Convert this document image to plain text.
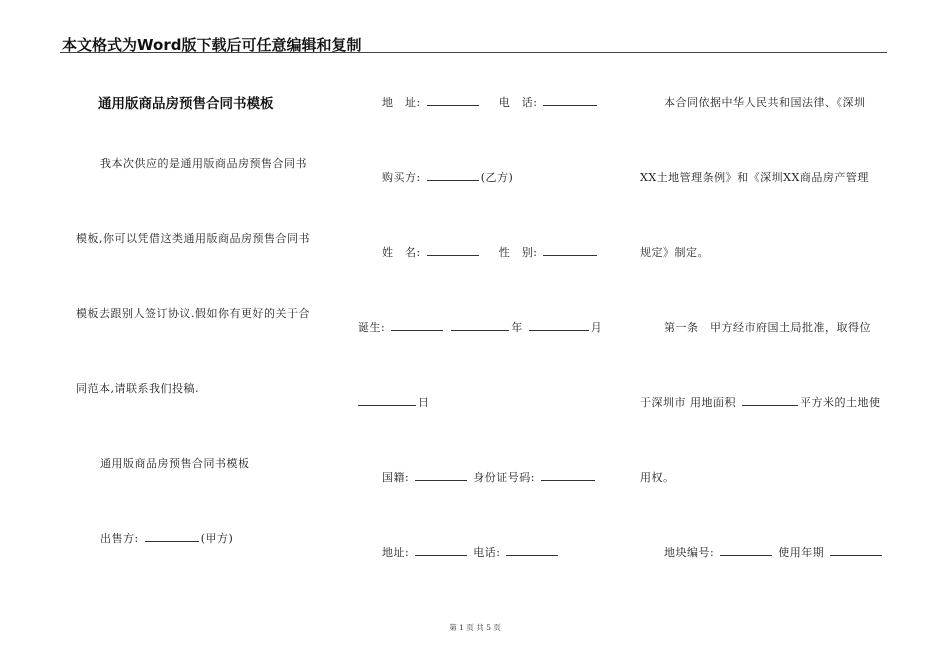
本文格式为Word版下载后可任意编辑和复制
通用版商品房预售合同书模板
我本次供应的是通用版商品房预售合同书
模板,你可以凭借这类通用版商品房预售合同书
模板去跟别人签订协议.假如你有更好的关于合
同范本,请联系我们投稿.
通用版商品房预售合同书模板
出售方:	(甲方)
地　址:	电　话:
购买方:	(乙方)
姓　名:	性　别:
诞生:	年	月
日
国籍:	身份证号码:
地址:	电话:
本合同依据中华人民共和国法律、《深圳
XX土地管理条例》和《深圳XX商品房产管理
规定》制定。
第一条　甲方经市府国土局批准，取得位
于深圳市 用地面积	平方米的土地使
用权。
地块编号:	使用年期
第 1 页 共 5 页
